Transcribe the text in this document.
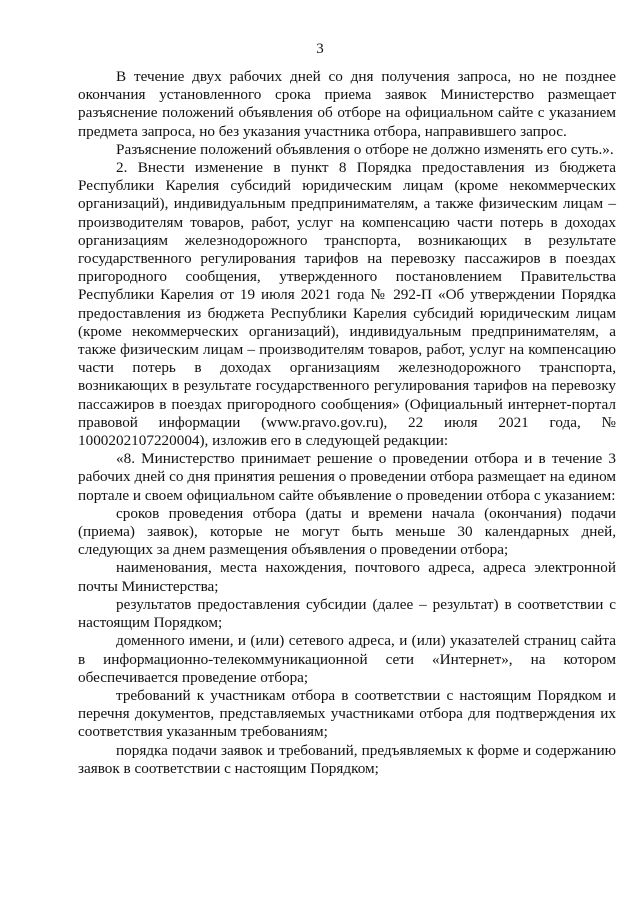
3

В течение двух рабочих дней со дня получения запроса, но не позднее окончания установленного срока приема заявок Министерство размещает разъяснение положений объявления об отборе на официальном сайте с указанием предмета запроса, но без указания участника отбора, направившего запрос.

Разъяснение положений объявления о отборе не должно изменять его суть.».

2. Внести изменение в пункт 8 Порядка предоставления из бюджета Республики Карелия субсидий юридическим лицам (кроме некоммерческих организаций), индивидуальным предпринимателям, а также физическим лицам – производителям товаров, работ, услуг на компенсацию части потерь в доходах организациям железнодорожного транспорта, возникающих в результате государственного регулирования тарифов на перевозку пассажиров в поездах пригородного сообщения, утвержденного постановлением Правительства Республики Карелия от 19 июля 2021 года № 292-П «Об утверждении Порядка предоставления из бюджета Республики Карелия субсидий юридическим лицам (кроме некоммерческих организаций), индивидуальным предпринимателям, а также физическим лицам – производителям товаров, работ, услуг на компенсацию части потерь в доходах организациям железнодорожного транспорта, возникающих в результате государственного регулирования тарифов на перевозку пассажиров в поездах пригородного сообщения» (Официальный интернет-портал правовой информации (www.pravo.gov.ru), 22 июля 2021 года, № 1000202107220004), изложив его в следующей редакции:

«8. Министерство принимает решение о проведении отбора и в течение 3 рабочих дней со дня принятия решения о проведении отбора размещает на едином портале и своем официальном сайте объявление о проведении отбора с указанием:

сроков проведения отбора (даты и времени начала (окончания) подачи (приема) заявок), которые не могут быть меньше 30 календарных дней, следующих за днем размещения объявления о проведении отбора;

наименования, места нахождения, почтового адреса, адреса электронной почты Министерства;

результатов предоставления субсидии (далее – результат) в соответствии с настоящим Порядком;

доменного имени, и (или) сетевого адреса, и (или) указателей страниц сайта в информационно-телекоммуникационной сети «Интернет», на котором обеспечивается проведение отбора;

требований к участникам отбора в соответствии с настоящим Порядком и перечня документов, представляемых участниками отбора для подтверждения их соответствия указанным требованиям;

порядка подачи заявок и требований, предъявляемых к форме и содержанию заявок в соответствии с настоящим Порядком;
